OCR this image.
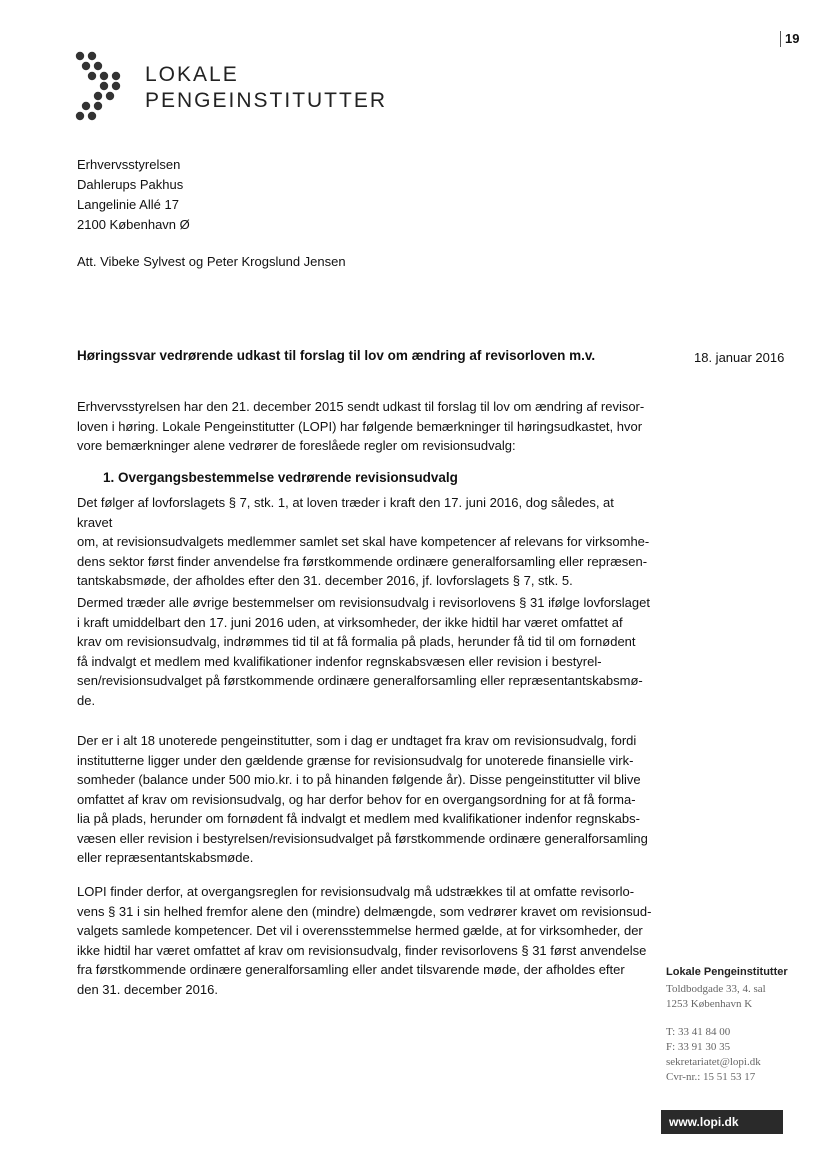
19
LOKALE
PENGEINSTITUTTER
Erhvervsstyrelsen
Dahlerups Pakhus
Langelinie Allé 17
2100 København Ø
Att. Vibeke Sylvest og Peter Krogslund Jensen
Høringssvar vedrørende udkast til forslag til lov om ændring af revisorloven m.v.	18. januar 2016
Erhvervsstyrelsen har den 21. december 2015 sendt udkast til forslag til lov om ændring af revisor-
loven i høring. Lokale Pengeinstitutter (LOPI) har følgende bemærkninger til høringsudkastet, hvor
vore bemærkninger alene vedrører de foreslåede regler om revisionsudvalg:
1. Overgangsbestemmelse vedrørende revisionsudvalg
Det følger af lovforslagets § 7, stk. 1, at loven træder i kraft den 17. juni 2016, dog således, at kravet
om, at revisionsudvalgets medlemmer samlet set skal have kompetencer af relevans for virksomhe-
dens sektor først finder anvendelse fra førstkommende ordinære generalforsamling eller repræsen-
tantskabsmøde, der afholdes efter den 31. december 2016, jf. lovforslagets § 7, stk. 5.
Dermed træder alle øvrige bestemmelser om revisionsudvalg i revisorlovens § 31 ifølge lovforslaget
i kraft umiddelbart den 17. juni 2016 uden, at virksomheder, der ikke hidtil har været omfattet af
krav om revisionsudvalg, indrømmes tid til at få formalia på plads, herunder få tid til om fornødent
få indvalgt et medlem med kvalifikationer indenfor regnskabsvæsen eller revision i bestyrel-
sen/revisionsudvalget på førstkommende ordinære generalforsamling eller repræsentantskabsmø-
de.
Der er i alt 18 unoterede pengeinstitutter, som i dag er undtaget fra krav om revisionsudvalg, fordi
institutterne ligger under den gældende grænse for revisionsudvalg for unoterede finansielle virk-
somheder (balance under 500 mio.kr. i to på hinanden følgende år). Disse pengeinstitutter vil blive
omfattet af krav om revisionsudvalg, og har derfor behov for en overgangsordning for at få forma-
lia på plads, herunder om fornødent få indvalgt et medlem med kvalifikationer indenfor regnskabs-
væsen eller revision i bestyrelsen/revisionsudvalget på førstkommende ordinære generalforsamling
eller repræsentantskabsmøde.
LOPI finder derfor, at overgangsreglen for revisionsudvalg må udstrækkes til at omfatte revisorlo-
vens § 31 i sin helhed fremfor alene den (mindre) delmængde, som vedrører kravet om revisionsud-
valgets samlede kompetencer. Det vil i overensstemmelse hermed gælde, at for virksomheder, der
ikke hidtil har været omfattet af krav om revisionsudvalg, finder revisorlovens § 31 først anvendelse
fra førstkommende ordinære generalforsamling eller andet tilsvarende møde, der afholdes efter
den 31. december 2016.
Lokale Pengeinstitutter
Toldbodgade 33, 4. sal
1253 København K
T: 33 41 84 00
F: 33 91 30 35
sekretariatet@lopi.dk
Cvr-nr.: 15 51 53 17
www.lopi.dk
